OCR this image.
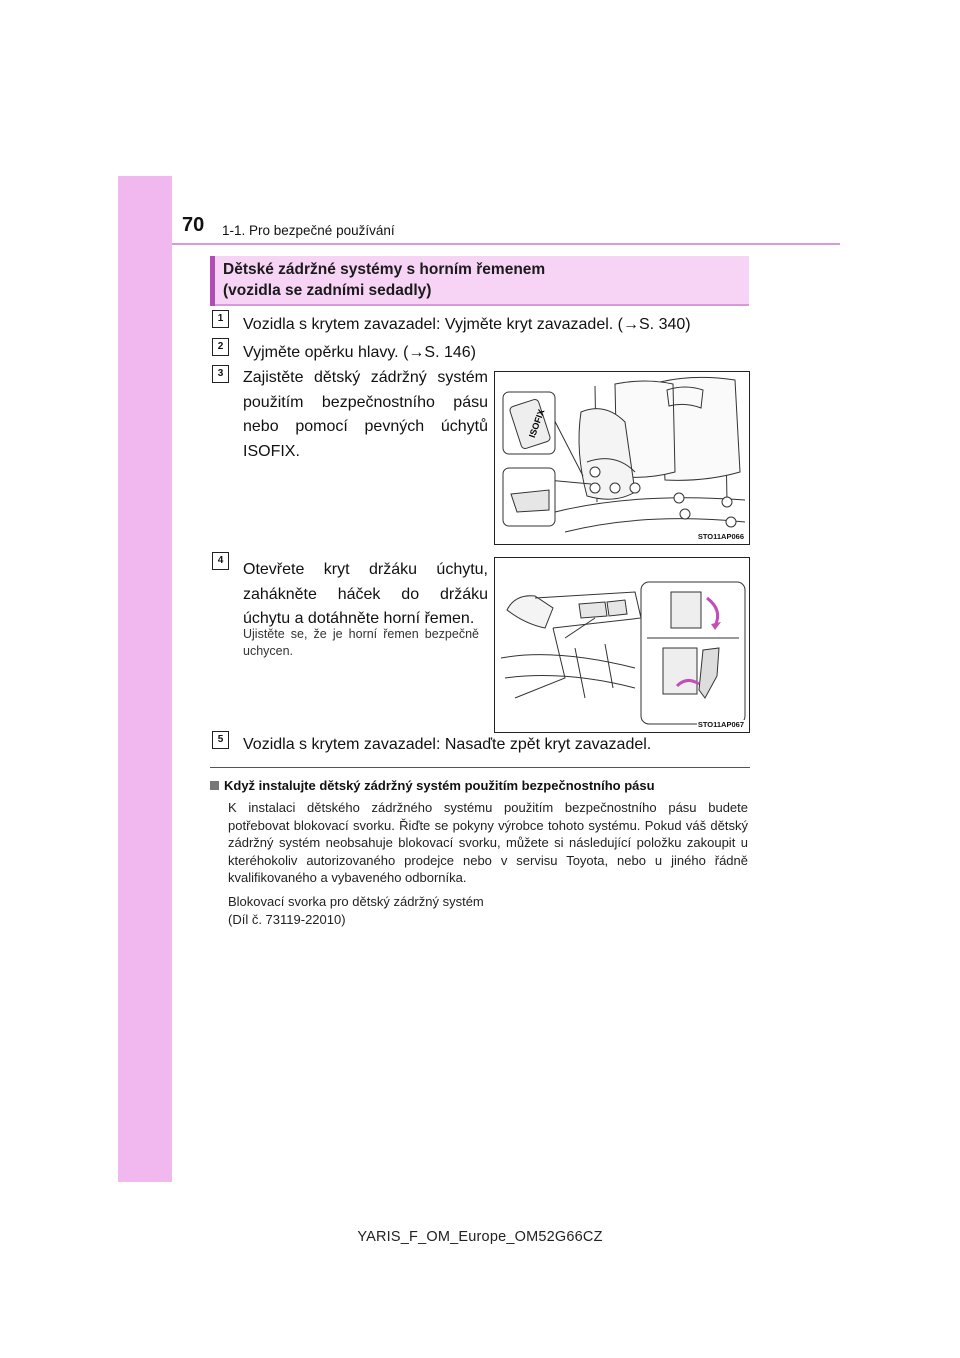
70 1-1. Pro bezpečné používání
Dětské zádržné systémy s horním řemenem
(vozidla se zadními sedadly)
1	Vozidla s krytem zavazadel: Vyjměte kryt zavazadel. (→S. 340)
2	Vyjměte opěrku hlavy. (→S. 146)
3	Zajistěte dětský zádržný systém použitím bezpečnostního pásu nebo pomocí pevných úchytů ISOFIX.
ISOFIX
STO11AP066
4
Otevřete kryt držáku úchytu, zahákněte háček do držáku úchytu a dotáhněte horní řemen.
Ujistěte se, že je horní řemen bezpečně uchycen.
STO11AP067
5	Vozidla s krytem zavazadel: Nasaďte zpět kryt zavazadel.
Když instalujte dětský zádržný systém použitím bezpečnostního pásu
K instalaci dětského zádržného systému použitím bezpečnostního pásu budete potřebovat blokovací svorku. Řiďte se pokyny výrobce tohoto systému. Pokud váš dětský zádržný systém neobsahuje blokovací svorku, můžete si následující položku zakoupit u kteréhokoliv autorizovaného prodejce nebo v servisu Toyota, nebo u jiného řádně kvalifikovaného a vybaveného odborníka.
Blokovací svorka pro dětský zádržný systém
(Díl č. 73119-22010)
YARIS_F_OM_Europe_OM52G66CZ
